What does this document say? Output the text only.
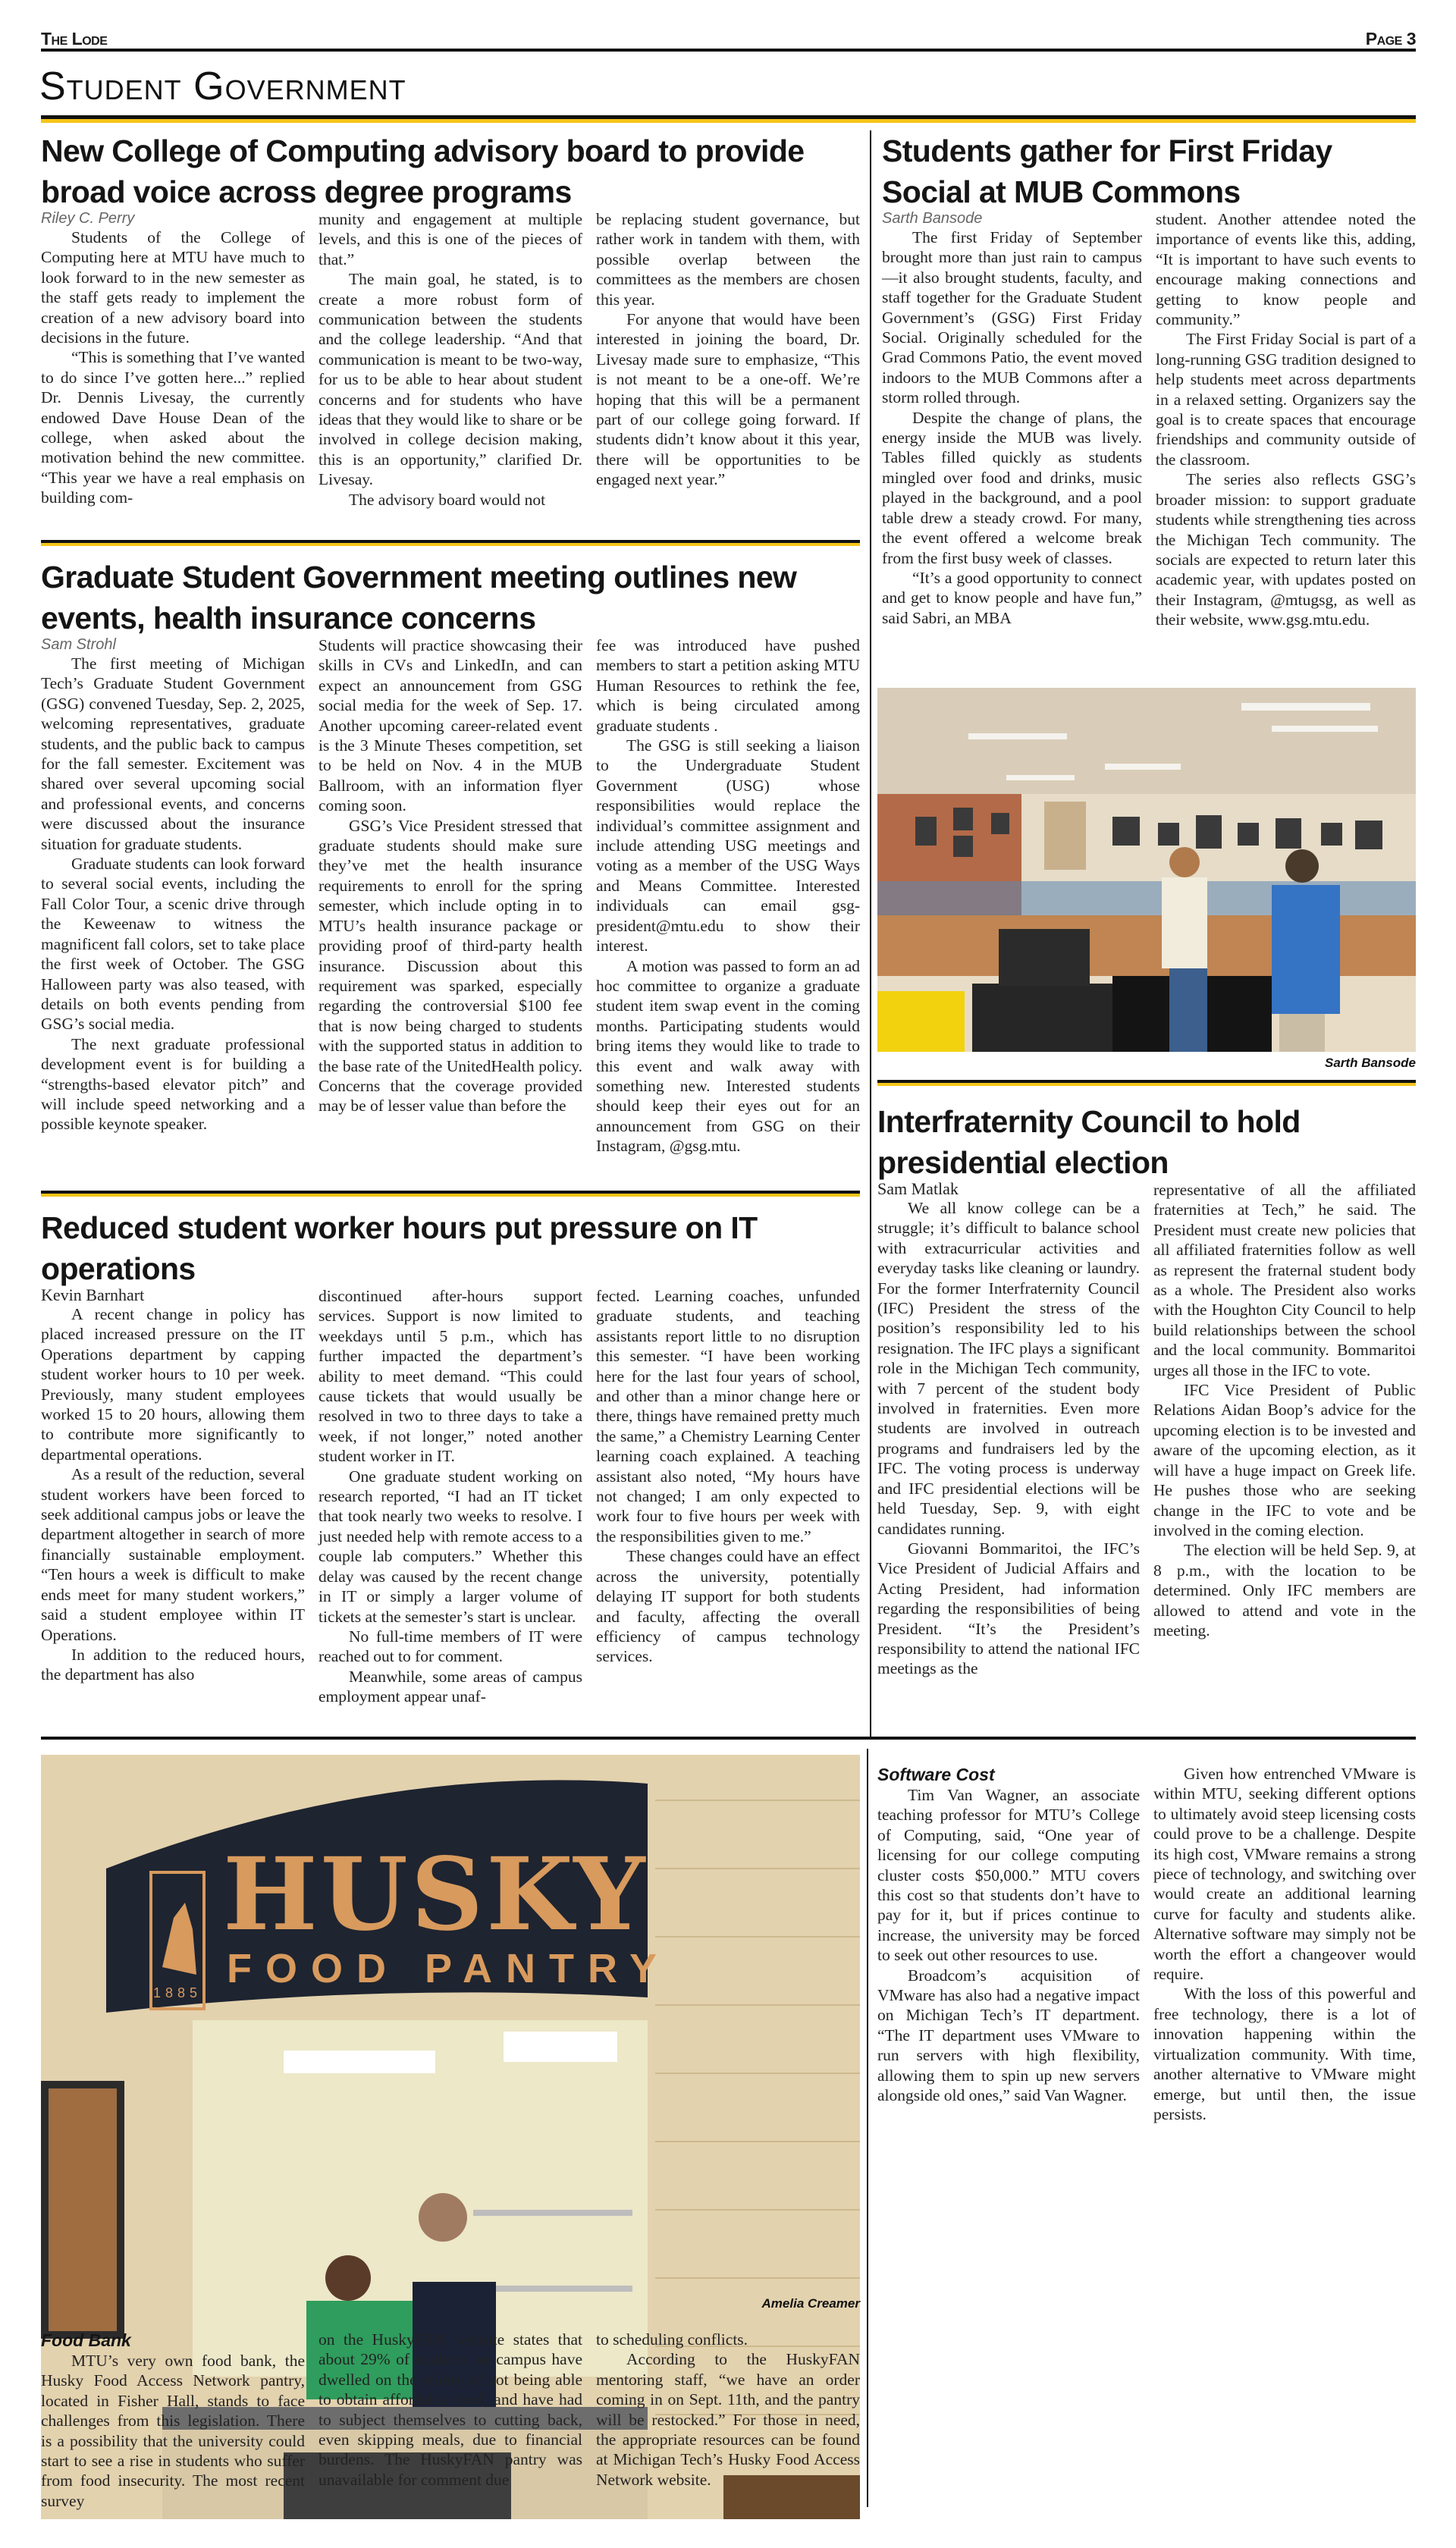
The Lode	Page 3
Student Government
New College of Computing advisory board to provide broad voice across degree programs
Riley C. Perry

Students of the College of Computing here at MTU have much to look forward to in the new semester as the staff gets ready to implement the creation of a new advisory board into decisions in the future.

“This is something that I’ve wanted to do since I’ve gotten here...” replied Dr. Dennis Livesay, the currently endowed Dave House Dean of the college, when asked about the motivation behind the new committee. “This year we have a real emphasis on building com-

munity and engagement at multiple levels, and this is one of the pieces of that.”

The main goal, he stated, is to create a more robust form of communication between the students and the college leadership. “And that communication is meant to be two-way, for us to be able to hear about student concerns and for students who have ideas that they would like to share or be involved in college decision making, this is an opportunity,” clarified Dr. Livesay.

The advisory board would not

be replacing student governance, but rather work in tandem with them, with possible overlap between the committees as the members are chosen this year.

For anyone that would have been interested in joining the board, Dr. Livesay made sure to emphasize, “This is not meant to be a one-off. We’re hoping that this will be a permanent part of our college going forward. If students didn’t know about it this year, there will be opportunities to be engaged next year.”

Graduate Student Government meeting outlines new events, health insurance concerns
Sam Strohl

The first meeting of Michigan Tech’s Graduate Student Government (GSG) convened Tuesday, Sep. 2, 2025, welcoming representatives, graduate students, and the public back to campus for the fall semester. Excitement was shared over several upcoming social and professional events, and concerns were discussed about the insurance situation for graduate students.

Graduate students can look forward to several social events, including the Fall Color Tour, a scenic drive through the Keweenaw to witness the magnificent fall colors, set to take place the first week of October. The GSG Halloween party was also teased, with details on both events pending from GSG’s social media.

The next graduate professional development event is for building a “strengths-based elevator pitch” and will include speed networking and a possible keynote speaker.

Students will practice showcasing their skills in CVs and LinkedIn, and can expect an announcement from GSG social media for the week of Sep. 17. Another upcoming career-related event is the 3 Minute Theses competition, set to be held on Nov. 4 in the MUB Ballroom, with an information flyer coming soon.

GSG’s Vice President stressed that graduate students should make sure they’ve met the health insurance requirements to enroll for the spring semester, which include opting in to MTU’s health insurance package or providing proof of third-party health insurance. Discussion about this requirement was sparked, especially regarding the controversial $100 fee that is now being charged to students with the supported status in addition to the base rate of the UnitedHealth policy. Concerns that the coverage provided may be of lesser value than before the

fee was introduced have pushed members to start a petition asking MTU Human Resources to rethink the fee, which is being circulated among graduate students .

The GSG is still seeking a liaison to the Undergraduate Student Government (USG) whose responsibilities would replace the individual’s committee assignment and include attending USG meetings and voting as a member of the USG Ways and Means Committee. Interested individuals can email gsg-president@mtu.edu to show their interest.

A motion was passed to form an ad hoc committee to organize a graduate student item swap event in the coming months. Participating students would bring items they would like to trade to this event and walk away with something new. Interested students should keep their eyes out for an announcement from GSG on their Instagram, @gsg.mtu.

Reduced student worker hours put pressure on IT operations
Kevin Barnhart

A recent change in policy has placed increased pressure on the IT Operations department by capping student worker hours to 10 per week. Previously, many student employees worked 15 to 20 hours, allowing them to contribute more significantly to departmental operations.

As a result of the reduction, several student workers have been forced to seek additional campus jobs or leave the department altogether in search of more financially sustainable employment. “Ten hours a week is difficult to make ends meet for many student workers,” said a student employee within IT Operations.

In addition to the reduced hours, the department has also

discontinued after-hours support services. Support is now limited to weekdays until 5 p.m., which has further impacted the department’s ability to meet demand. “This could cause tickets that would usually be resolved in two to three days to take a week, if not longer,” noted another student worker in IT.

One graduate student working on research reported, “I had an IT ticket that took nearly two weeks to resolve. I just needed help with remote access to a couple lab computers.” Whether this delay was caused by the recent change in IT or simply a larger volume of tickets at the semester’s start is unclear.

No full-time members of IT were reached out to for comment.

Meanwhile, some areas of campus employment appear unaf-

fected. Learning coaches, unfunded graduate students, and teaching assistants report little to no disruption this semester. “I have been working here for the last four years of school, and other than a minor change here or there, things have remained pretty much the same,” a Chemistry Learning Center learning coach explained. A teaching assistant also noted, “My hours have not changed; I am only expected to work four to five hours per week with the responsibilities given to me.”

These changes could have an effect across the university, potentially delaying IT support for both students and faculty, affecting the overall efficiency of campus technology services.

Students gather for First Friday Social at MUB Commons
Sarth Bansode

The first Friday of September brought more than just rain to campus—it also brought students, faculty, and staff together for the Graduate Student Government’s (GSG) First Friday Social. Originally scheduled for the Grad Commons Patio, the event moved indoors to the MUB Commons after a storm rolled through.

Despite the change of plans, the energy inside the MUB was lively. Tables filled quickly as students mingled over food and drinks, music played in the background, and a pool table drew a steady crowd. For many, the event offered a welcome break from the first busy week of classes.

“It’s a good opportunity to connect and get to know people and have fun,” said Sabri, an MBA

student. Another attendee noted the importance of events like this, adding, “It is important to have such events to encourage making connections and getting to know people and community.”

The First Friday Social is part of a long-running GSG tradition designed to help students meet across departments in a relaxed setting. Organizers say the goal is to create spaces that encourage friendships and community outside of the classroom.

The series also reflects GSG’s broader mission: to support graduate students while strengthening ties across the Michigan Tech community. The socials are expected to return later this academic year, with updates posted on their Instagram, @mtugsg, as well as their website, www.gsg.mtu.edu.

Sarth Bansode
Interfraternity Council to hold presidential election
Sam Matlak

We all know college can be a struggle; it’s difficult to balance school with extracurricular activities and everyday tasks like cleaning or laundry. For the former Interfraternity Council (IFC) President the stress of the position’s responsibility led to his resignation. The IFC plays a significant role in the Michigan Tech community, with 7 percent of the student body involved in fraternities. Even more students are involved in outreach programs and fundraisers led by the IFC. The voting process is underway and IFC presidential elections will be held Tuesday, Sep. 9, with eight candidates running.

Giovanni Bommaritoi, the IFC’s Vice President of Judicial Affairs and Acting President, had information regarding the responsibilities of being President. “It’s the President’s responsibility to attend the national IFC meetings as the

representative of all the affiliated fraternities at Tech,” he said. The President must create new policies that all affiliated fraternities follow as well as represent the fraternal student body as a whole. The President also works with the Houghton City Council to help build relationships between the school and the local community. Bommaritoi urges all those in the IFC to vote.

IFC Vice President of Public Relations Aidan Boop’s advice for the upcoming election is to be invested and aware of the upcoming election, as it will have a huge impact on Greek life. He pushes those who are seeking change in the IFC to vote and be involved in the coming election.

The election will be held Sep. 9, at 8 p.m., with the location to be determined. Only IFC members are allowed to attend and vote in the meeting.

1885
HUSKY
FOOD PANTRY
Amelia Creamer
Food Bank

MTU’s very own food bank, the Husky Food Access Network pantry, located in Fisher Hall, stands to face challenges from this legislation. There is a possibility that the university could start to see a rise in students who suffer from food insecurity. The most recent survey

on the HuskyFAN website states that about 29% of students on campus have dwelled on the reality of not being able to obtain affordable food, and have had to subject themselves to cutting back, even skipping meals, due to financial burdens. The HuskyFAN pantry was unavailable for comment due

to scheduling conflicts.

According to the HuskyFAN mentoring staff, “we have an order coming in on Sept. 11th, and the pantry will be restocked.” For those in need, the appropriate resources can be found at Michigan Tech’s Husky Food Access Network website.

Software Cost

Tim Van Wagner, an associate teaching professor for MTU’s College of Computing, said, “One year of licensing for our college computing cluster costs $50,000.” MTU covers this cost so that students don’t have to pay for it, but if prices continue to increase, the university may be forced to seek out other resources to use.

Broadcom’s acquisition of VMware has also had a negative impact on Michigan Tech’s IT department. “The IT department uses VMware to run servers with high flexibility, allowing them to spin up new servers alongside old ones,” said Van Wagner.

Given how entrenched VMware is within MTU, seeking different options to ultimately avoid steep licensing costs could prove to be a challenge. Despite its high cost, VMware remains a strong piece of technology, and switching over would create an additional learning curve for faculty and students alike. Alternative software may simply not be worth the effort a changeover would require.

With the loss of this powerful and free technology, there is a lot of innovation happening within the virtualization community. With time, another alternative to VMware might emerge, but until then, the issue persists.
